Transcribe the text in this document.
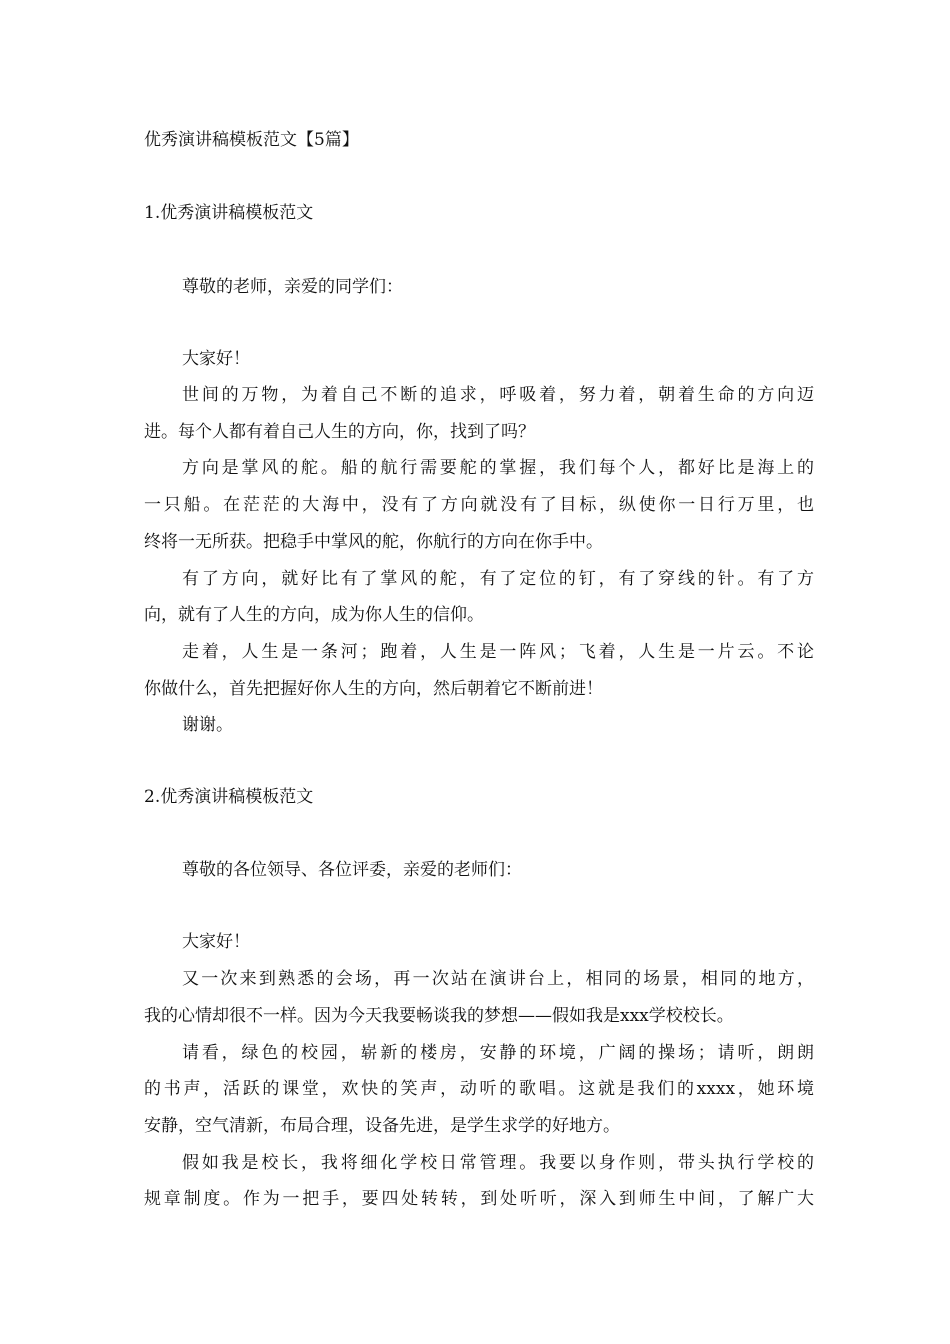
优秀演讲稿模板范文【5篇】
1.优秀演讲稿模板范文
尊敬的老师，亲爱的同学们：
大家好！
世间的万物，为着自己不断的追求，呼吸着，努力着，朝着生命的方向迈
进。每个人都有着自己人生的方向，你，找到了吗？
方向是掌风的舵。船的航行需要舵的掌握，我们每个人，都好比是海上的
一只船。在茫茫的大海中，没有了方向就没有了目标，纵使你一日行万里，也
终将一无所获。把稳手中掌风的舵，你航行的方向在你手中。
有了方向，就好比有了掌风的舵，有了定位的钉，有了穿线的针。有了方
向，就有了人生的方向，成为你人生的信仰。
走着，人生是一条河；跑着，人生是一阵风；飞着，人生是一片云。不论
你做什么，首先把握好你人生的方向，然后朝着它不断前进！
谢谢。
2.优秀演讲稿模板范文
尊敬的各位领导、各位评委，亲爱的老师们：
大家好！
又一次来到熟悉的会场，再一次站在演讲台上，相同的场景，相同的地方，
我的心情却很不一样。因为今天我要畅谈我的梦想——假如我是xxx学校校长。
请看，绿色的校园，崭新的楼房，安静的环境，广阔的操场；请听，朗朗
的书声，活跃的课堂，欢快的笑声，动听的歌唱。这就是我们的xxxx，她环境
安静，空气清新，布局合理，设备先进，是学生求学的好地方。
假如我是校长，我将细化学校日常管理。我要以身作则，带头执行学校的
规章制度。作为一把手，要四处转转，到处听听，深入到师生中间，了解广大
